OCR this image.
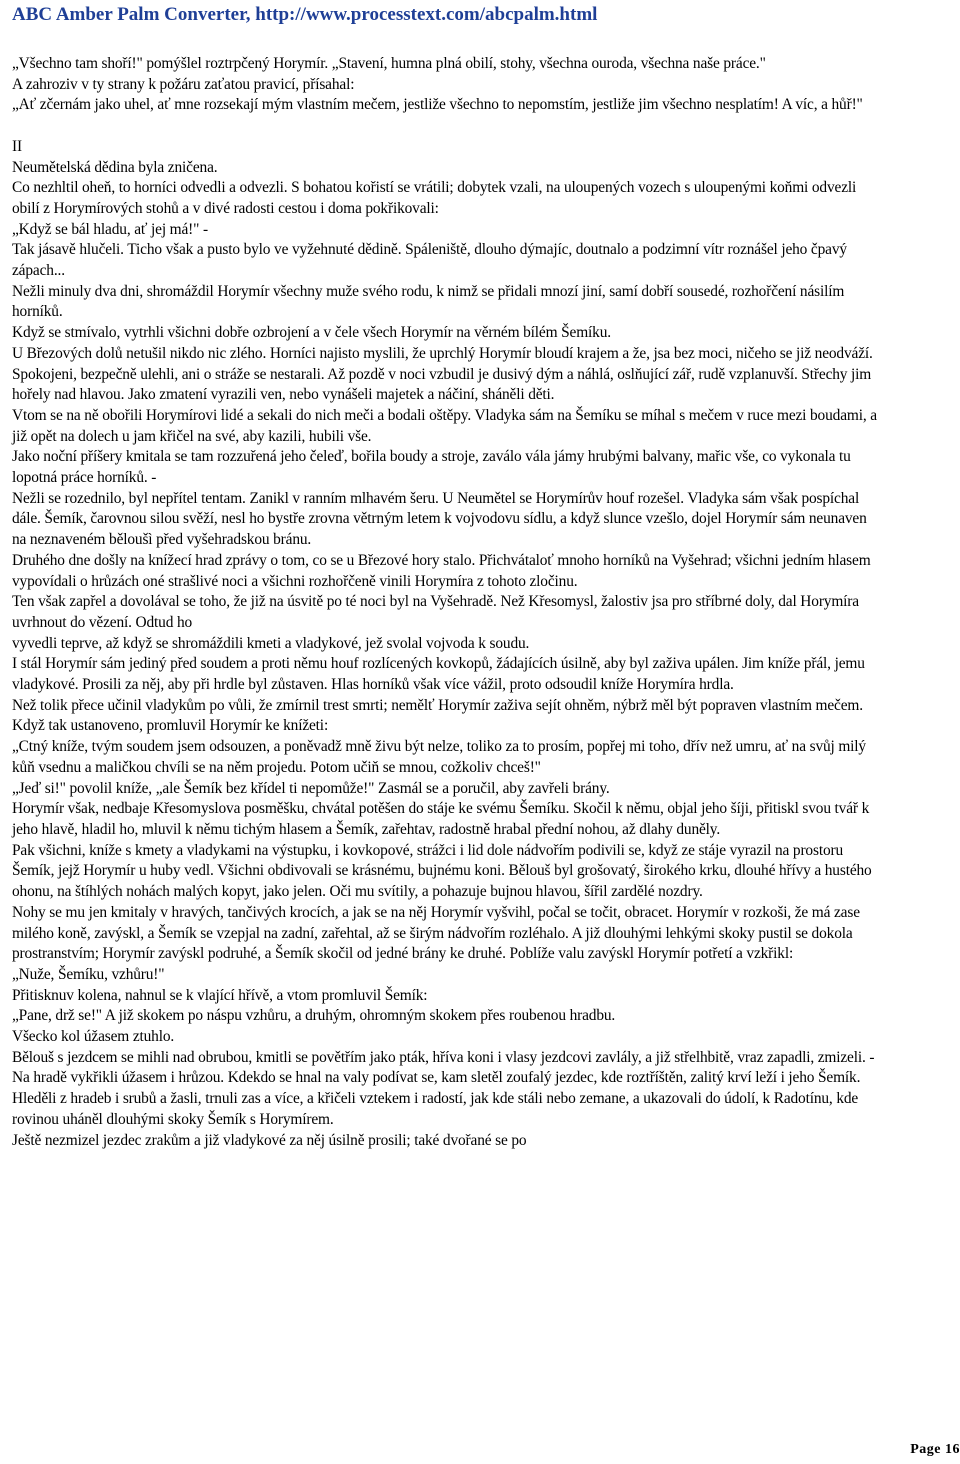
ABC Amber Palm Converter, http://www.processtext.com/abcpalm.html

„Všechno tam shoří!" pomýšlel roztrpčený Horymír. „Stavení, humna plná obilí, stohy, všechna ouroda, všechna naše práce."

A zahroziv v ty strany k požáru zaťatou pravicí, přísahal:

„Ať zčernám jako uhel, ať mne rozsekají mým vlastním mečem, jestliže všechno to nepomstím, jestliže jim všechno nesplatím! A víc, a hůř!"

II

Neumětelská dědina byla zničena.

Co nezhltil oheň, to horníci odvedli a odvezli. S bohatou kořistí se vrátili; dobytek vzali, na uloupených vozech s uloupenými koňmi odvezli obilí z Horymírových stohů a v divé radosti cestou i doma pokřikovali:

„Když se bál hladu, ať jej má!" -

Tak jásavě hlučeli. Ticho však a pusto bylo ve vyžehnuté dědině. Spáleniště, dlouho dýmajíc, doutnalo a podzimní vítr roznášel jeho čpavý zápach...

Nežli minuly dva dni, shromáždil Horymír všechny muže svého rodu, k nimž se přidali mnozí jiní, samí dobří sousedé, rozhořčení násilím horníků.

Když se stmívalo, vytrhli všichni dobře ozbrojení a v čele všech Horymír na věrném bílém Šemíku.

U Březových dolů netušil nikdo nic zlého. Horníci najisto myslili, že uprchlý Horymír bloudí krajem a že, jsa bez moci, ničeho se již neodváží. Spokojeni, bezpečně ulehli, ani o stráže se nestarali. Až pozdě v noci vzbudil je dusivý dým a náhlá, oslňující zář, rudě vzplanuvší. Střechy jim hořely nad hlavou. Jako zmatení vyrazili ven, nebo vynášeli majetek a náčiní, sháněli děti.

Vtom se na ně obořili Horymírovi lidé a sekali do nich meči a bodali oštěpy. Vladyka sám na Šemíku se míhal s mečem v ruce mezi boudami, a již opět na dolech u jam křičel na své, aby kazili, hubili vše.

Jako noční příšery kmitala se tam rozzuřená jeho čeleď, bořila boudy a stroje, zaválo vála jámy hrubými balvany, mařic vše, co vykonala tu lopotná práce horníků. -

Nežli se rozednilo, byl nepřítel tentam. Zanikl v ranním mlhavém šeru. U Neumětel se Horymírův houf rozešel. Vladyka sám však pospíchal dále. Šemík, čarovnou silou svěží, nesl ho bystře zrovna větrným letem k vojvodovu sídlu, a když slunce vzešlo, dojel Horymír sám neunaven na neznaveném běloušì před vyšehradskou bránu.

Druhého dne došly na knížecí hrad zprávy o tom, co se u Březové hory stalo. Přichvátaloť mnoho horníků na Vyšehrad; všichni jedním hlasem vypovídali o hrůzách oné strašlivé noci a všichni rozhořčeně vinili Horymíra z tohoto zločinu.

Ten však zapřel a dovolával se toho, že již na úsvitě po té noci byl na Vyšehradě. Než Křesomysl, žalostiv jsa pro stříbrné doly, dal Horymíra uvrhnout do vězení. Odtud ho

vyvedli teprve, až když se shromáždili kmeti a vladykové, jež svolal vojvoda k soudu.

I stál Horymír sám jediný před soudem a proti němu houf rozlícených kovkopů, žádajících úsilně, aby byl zaživa upálen. Jim kníže přál, jemu vladykové. Prosili za něj, aby při hrdle byl zůstaven. Hlas horníků však více vážil, proto odsoudil kníže Horymíra hrdla.

Než tolik přece učinil vladykům po vůli, že zmírnil trest smrti; nemělť Horymír zaživa sejít ohněm, nýbrž měl být popraven vlastním mečem.

Když tak ustanoveno, promluvil Horymír ke knížeti:

„Ctný kníže, tvým soudem jsem odsouzen, a poněvadž mně živu být nelze, toliko za to prosím, popřej mi toho, dřív než umru, ať na svůj milý kůň vsednu a maličkou chvíli se na něm projedu. Potom učiň se mnou, cožkoliv chceš!"

„Jeď si!" povolil kníže, „ale Šemík bez křídel ti nepomůže!" Zasmál se a poručil, aby zavřeli brány.

Horymír však, nedbaje Křesomyslova posměšku, chvátal potěšen do stáje ke svému Šemíku. Skočil k němu, objal jeho šíji, přitiskl svou tvář k jeho hlavě, hladil ho, mluvil k němu tichým hlasem a Šemík, zařehtav, radostně hrabal přední nohou, až dlahy duněly.

Pak všichni, kníže s kmety a vladykami na výstupku, i kovkopové, strážci i lid dole nádvořím podivili se, když ze stáje vyrazil na prostoru Šemík, jejž Horymír u huby vedl. Všichni obdivovali se krásnému, bujnému koni. Bělouš byl grošovatý, širokého krku, dlouhé hřívy a hustého ohonu, na štíhlých nohách malých kopyt, jako jelen. Oči mu svítily, a pohazuje bujnou hlavou, šířil zardělé nozdry.

Nohy se mu jen kmitaly v hravých, tančivých krocích, a jak se na něj Horymír vyšvihl, počal se točit, obracet. Horymír v rozkoši, že má zase milého koně, zavýskl, a Šemík se vzepjal na zadní, zařehtal, až se širým nádvořím rozléhalo. A již dlouhými lehkými skoky pustil se dokola prostranstvím; Horymír zavýskl podruhé, a Šemík skočil od jedné brány ke druhé. Poblíže valu zavýskl Horymír potřetí a vzkřikl:

„Nuže, Šemíku, vzhůru!"

Přitisknuv kolena, nahnul se k vlající hřívě, a vtom promluvil Šemík:

„Pane, drž se!" A již skokem po náspu vzhůru, a druhým, ohromným skokem přes roubenou hradbu.

Všecko kol úžasem ztuhlo.

Bělouš s jezdcem se mihli nad obrubou, kmitli se povětřím jako pták, hříva koni i vlasy jezdcovi zavlály, a již střelhbitě, vraz zapadli, zmizeli. -

Na hradě vykřikli úžasem i hrůzou. Kdekdo se hnal na valy podívat se, kam sletěl zoufalý jezdec, kde roztříštěn, zalitý krví leží i jeho Šemík.

Hleděli z hradeb i srubů a žasli, trnuli zas a více, a křičeli vztekem i radostí, jak kde stáli nebo zemane, a ukazovali do údolí, k Radotínu, kde rovinou uháněl dlouhými skoky Šemík s Horymírem.

Ještě nezmizel jezdec zrakům a již vladykové za něj úsilně prosili; také dvořané se po

Page 16
